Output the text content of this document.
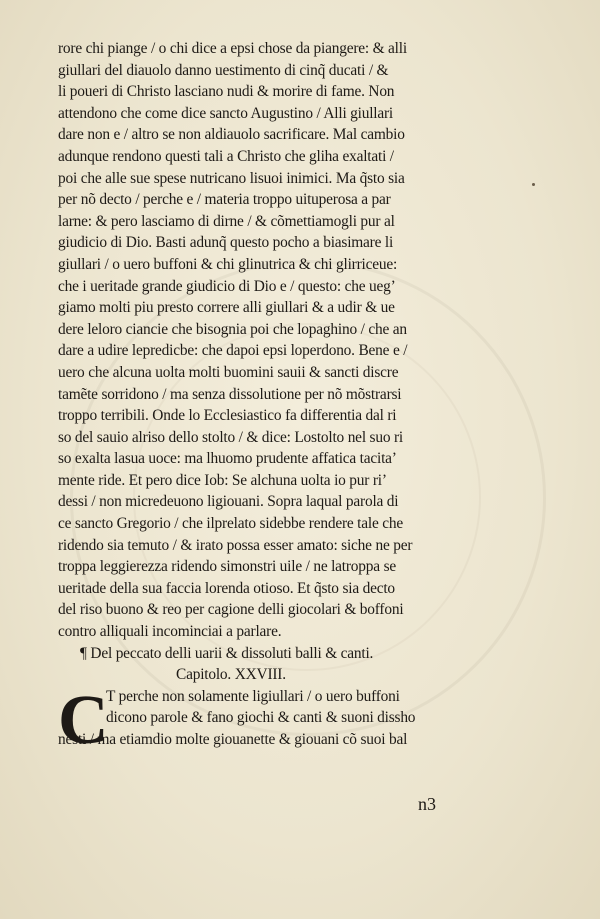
rore chi piange / o chi dice a epsi chose da piangere: & alli
giullari del diauolo danno uestimento di cinq̃ ducati / &
li poueri di Christo lasciano nudi & morire di fame. Non
attendono che come dice sancto Augustino / Alli giullari
dare non e / altro se non aldiauolo sacrificare. Mal cambio
adunque rendono questi tali a Christo che gliha exaltati /
poi che alle sue spese nutricano lisuoi inimici. Ma q̃sto sia
per nõ decto / perche e / materia troppo uituperosa a par
larne: & pero lasciamo di dirne / & cõmettiamogli pur al
giudicio di Dio. Basti adunq̃ questo pocho a biasimare li
giullari / o uero buffoni & chi glinutrica & chi glirriceue:
che i ueritade grande giudicio di Dio e / questo: che uegʼ
giamo molti piu presto correre alli giullari & a udir & ue
dere leloro ciancie che bisognia poi che lopaghino / che an
dare a udire lepredicbe: che dapoi epsi loperdono. Bene e /
uero che alcuna uolta molti buomini sauii & sancti discre
tamẽte sorridono / ma senza dissolutione per nõ mõstrarsi
troppo terribili. Onde lo Ecclesiastico fa differentia dal ri
so del sauio alriso dello stolto / & dice: Lostolto nel suo ri
so exalta lasua uoce: ma lhuomo prudente affatica tacitaʼ
mente ride. Et pero dice Iob: Se alchuna uolta io pur riʼ
dessi / non micredeuono ligiouani. Sopra laqual parola di
ce sancto Gregorio / che ilprelato sidebbe rendere tale che
ridendo sia temuto / & irato possa esser amato: siche ne per
troppa leggierezza ridendo simonstri uile / ne latroppa se
ueritade della sua faccia lorenda otioso. Et q̃sto sia decto
del riso buono & reo per cagione delli giocolari & boffoni
contro alliquali incominciai a parlare.
¶ Del peccato delli uarii & dissoluti balli & canti.
Capitolo. XXVIII.
C
T perche non solamente ligiullari / o uero buffoni
dicono parole & fano giochi & canti & suoni dissho
nesti / ma etiamdio molte giouanette & giouani cõ suoi bal
n3
